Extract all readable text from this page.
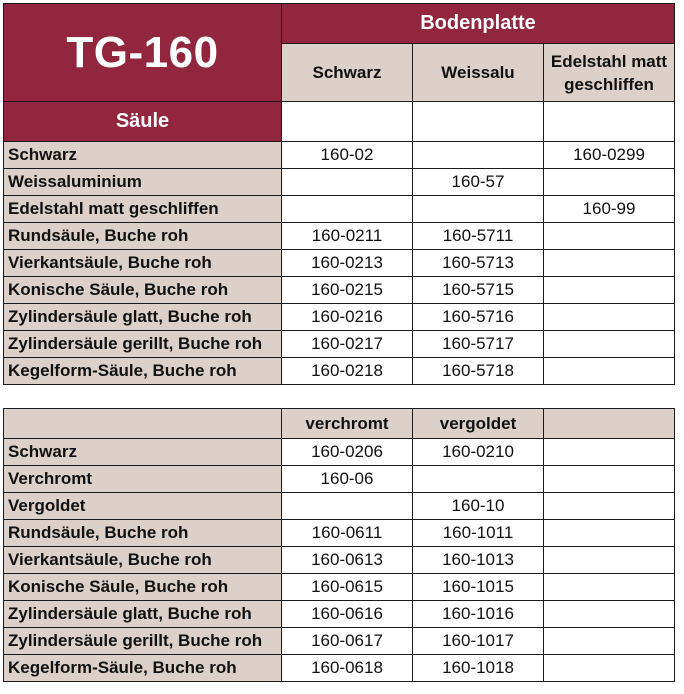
TG-160	Bodenplatte		
	Schwarz	Weissalu	Edelstahl matt geschliffen
Säule			
Schwarz	160-02		160-0299
Weissaluminium		160-57	
Edelstahl matt geschliffen			160-99
Rundsäule, Buche roh	160-0211	160-5711	
Vierkantsäule, Buche roh	160-0213	160-5713	
Konische Säule, Buche roh	160-0215	160-5715	
Zylindersäule glatt, Buche roh	160-0216	160-5716	
Zylindersäule gerillt, Buche roh	160-0217	160-5717	
Kegelform-Säule, Buche roh	160-0218	160-5718	
	verchromt	vergoldet	
Schwarz	160-0206	160-0210	
Verchromt	160-06		
Vergoldet		160-10	
Rundsäule, Buche roh	160-0611	160-1011	
Vierkantsäule, Buche roh	160-0613	160-1013	
Konische Säule, Buche roh	160-0615	160-1015	
Zylindersäule glatt, Buche roh	160-0616	160-1016	
Zylindersäule gerillt, Buche roh	160-0617	160-1017	
Kegelform-Säule, Buche roh	160-0618	160-1018	
